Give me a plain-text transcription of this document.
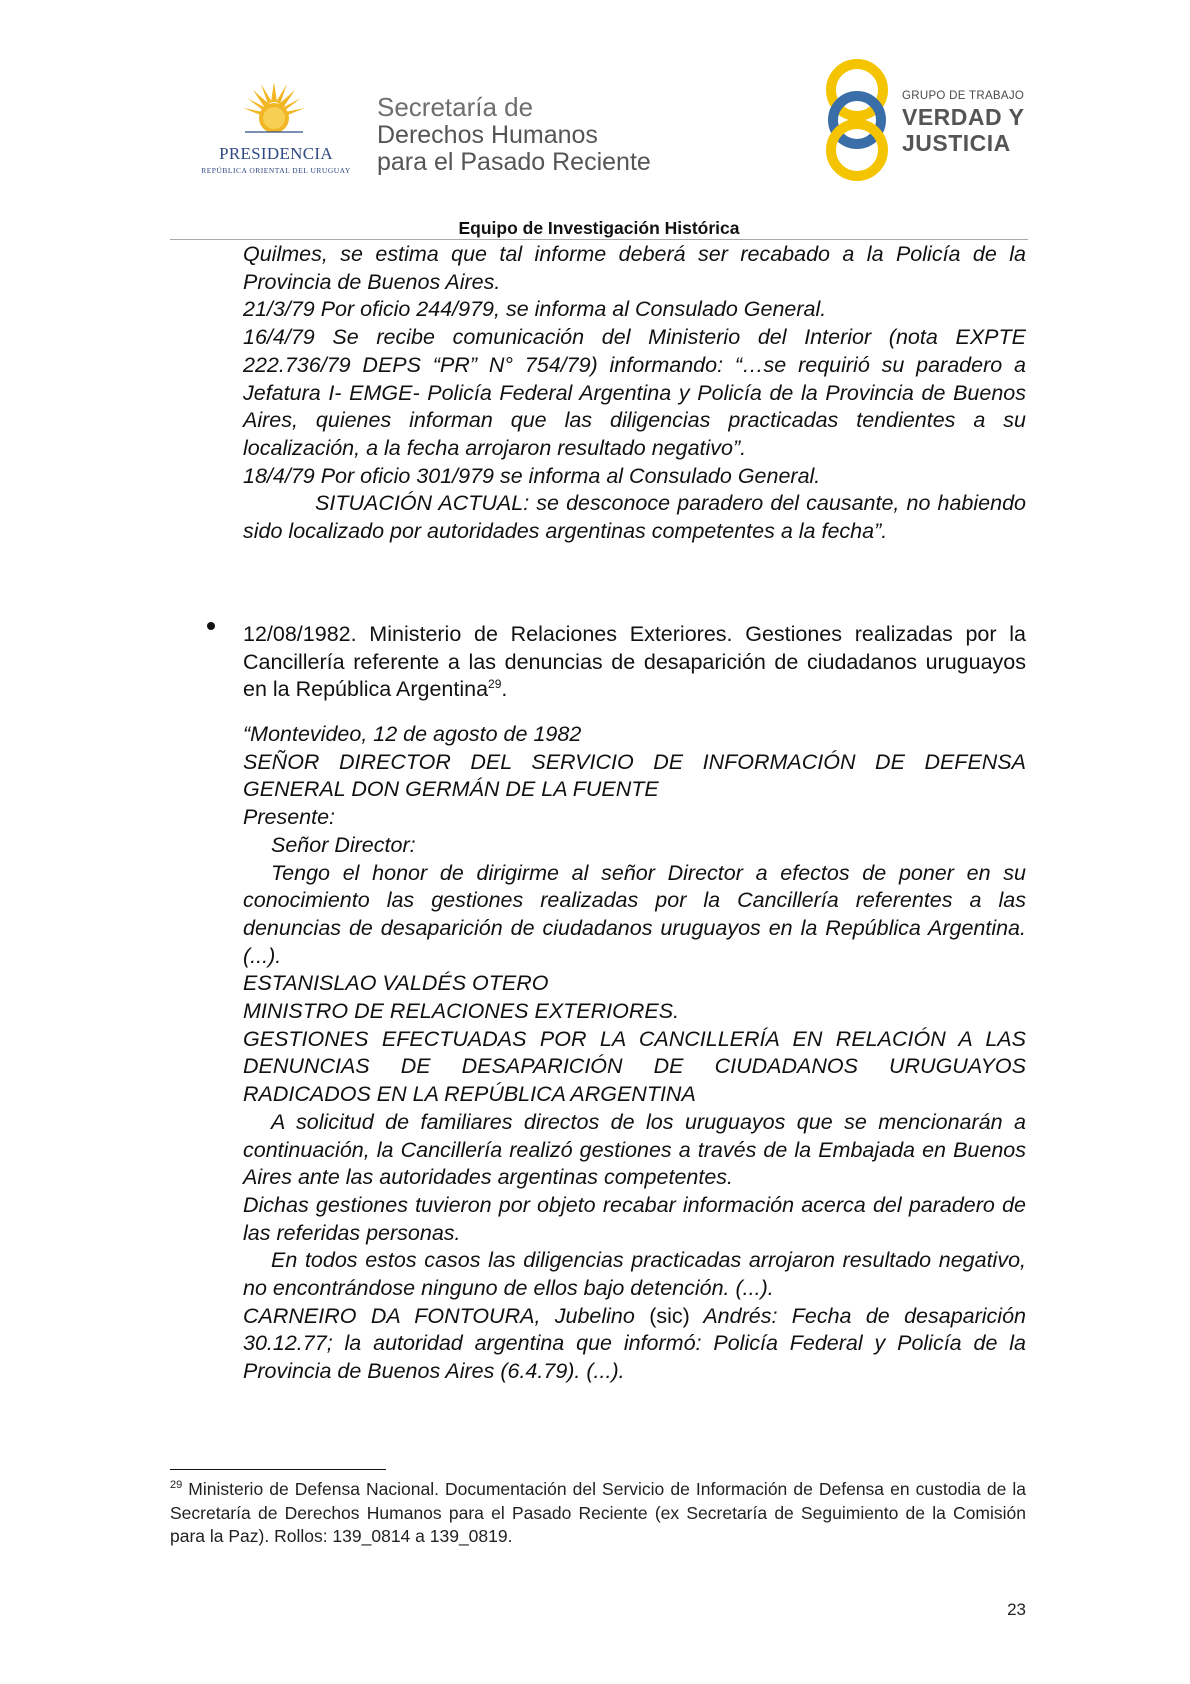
PRESIDENCIA
REPÚBLICA ORIENTAL DEL URUGUAY
Secretaría de
Derechos Humanos
para el Pasado Reciente
GRUPO DE TRABAJO
VERDAD Y
JUSTICIA
Equipo de Investigación Histórica

Quilmes, se estima que tal informe deberá ser recabado a la Policía de la Provincia de Buenos Aires.

21/3/79 Por oficio 244/979, se informa al Consulado General.

16/4/79 Se recibe comunicación del Ministerio del Interior (nota EXPTE 222.736/79 DEPS “PR” N° 754/79) informando: “…se requirió su paradero a Jefatura I- EMGE- Policía Federal Argentina y Policía de la Provincia de Buenos Aires, quienes informan que las diligencias practicadas tendientes a su localización, a la fecha arrojaron resultado negativo”.

18/4/79 Por oficio 301/979 se informa al Consulado General.

SITUACIÓN ACTUAL: se desconoce paradero del causante, no habiendo sido localizado por autoridades argentinas competentes a la fecha”.

12/08/1982. Ministerio de Relaciones Exteriores. Gestiones realizadas por la Cancillería referente a las denuncias de desaparición de ciudadanos uruguayos en la República Argentina$^{29}$.

“Montevideo, 12 de agosto de 1982

SEÑOR DIRECTOR DEL SERVICIO DE INFORMACIÓN DE DEFENSA GENERAL DON GERMÁN DE LA FUENTE

Presente:

Señor Director:

Tengo el honor de dirigirme al señor Director a efectos de poner en su conocimiento las gestiones realizadas por la Cancillería referentes a las denuncias de desaparición de ciudadanos uruguayos en la República Argentina. (...).

ESTANISLAO VALDÉS OTERO

MINISTRO DE RELACIONES EXTERIORES.

GESTIONES EFECTUADAS POR LA CANCILLERÍA EN RELACIÓN A LAS DENUNCIAS DE DESAPARICIÓN DE CIUDADANOS URUGUAYOS RADICADOS EN LA REPÚBLICA ARGENTINA

A solicitud de familiares directos de los uruguayos que se mencionarán a continuación, la Cancillería realizó gestiones a través de la Embajada en Buenos Aires ante las autoridades argentinas competentes.

Dichas gestiones tuvieron por objeto recabar información acerca del paradero de las referidas personas.

En todos estos casos las diligencias practicadas arrojaron resultado negativo, no encontrándose ninguno de ellos bajo detención. (...).

CARNEIRO DA FONTOURA, Jubelino (sic) Andrés: Fecha de desaparición 30.12.77; la autoridad argentina que informó: Policía Federal y Policía de la Provincia de Buenos Aires (6.4.79). (...).

$^{29}$ Ministerio de Defensa Nacional. Documentación del Servicio de Información de Defensa en custodia de la Secretaría de Derechos Humanos para el Pasado Reciente (ex Secretaría de Seguimiento de la Comisión para la Paz). Rollos: 139_0814 a 139_0819.
23
